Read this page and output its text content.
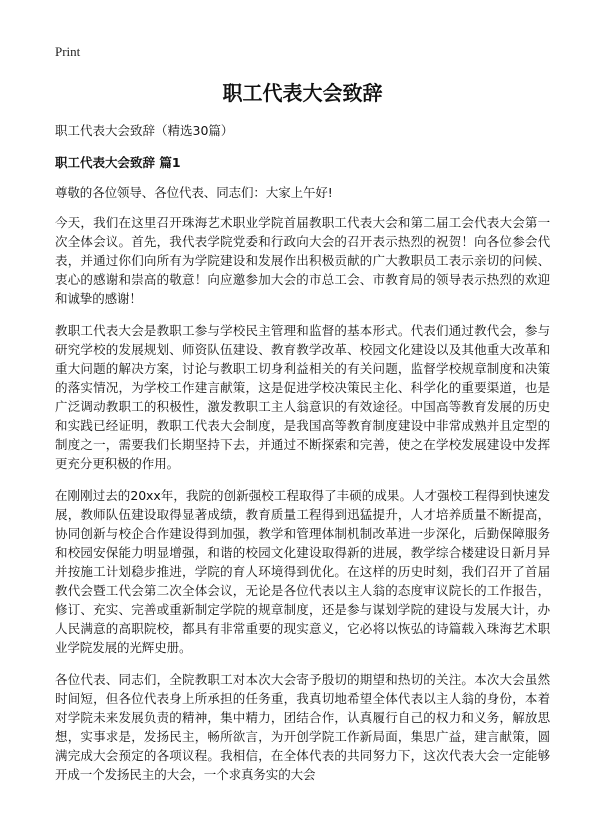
Print
职工代表大会致辞
职工代表大会致辞（精选30篇）
职工代表大会致辞 篇1

尊敬的各位领导、各位代表、同志们：大家上午好!

今天，我们在这里召开珠海艺术职业学院首届教职工代表大会和第二届工会代表大会第一次全体会议。首先，我代表学院党委和行政向大会的召开表示热烈的祝贺！向各位参会代表，并通过你们向所有为学院建设和发展作出积极贡献的广大教职员工表示亲切的问候、衷心的感谢和崇高的敬意！向应邀参加大会的市总工会、市教育局的领导表示热烈的欢迎和诚挚的感谢！

教职工代表大会是教职工参与学校民主管理和监督的基本形式。代表们通过教代会，参与研究学校的发展规划、师资队伍建设、教育教学改革、校园文化建设以及其他重大改革和重大问题的解决方案，讨论与教职工切身利益相关的有关问题，监督学校规章制度和决策的落实情况，为学校工作建言献策，这是促进学校决策民主化、科学化的重要渠道，也是广泛调动教职工的积极性，激发教职工主人翁意识的有效途径。中国高等教育发展的历史和实践已经证明，教职工代表大会制度，是我国高等教育制度建设中非常成熟并且定型的制度之一，需要我们长期坚持下去，并通过不断探索和完善，使之在学校发展建设中发挥更充分更积极的作用。

在刚刚过去的20xx年，我院的创新强校工程取得了丰硕的成果。人才强校工程得到快速发展，教师队伍建设取得显著成绩，教育质量工程得到迅猛提升，人才培养质量不断提高，协同创新与校企合作建设得到加强，教学和管理体制机制改革进一步深化，后勤保障服务和校园安保能力明显增强，和谐的校园文化建设取得新的进展，教学综合楼建设日新月异并按施工计划稳步推进，学院的育人环境得到优化。在这样的历史时刻，我们召开了首届教代会暨工代会第二次全体会议，无论是各位代表以主人翁的态度审议院长的工作报告，修订、充实、完善或重新制定学院的规章制度，还是参与谋划学院的建设与发展大计，办人民满意的高职院校，都具有非常重要的现实意义，它必将以恢弘的诗篇载入珠海艺术职业学院发展的光辉史册。

各位代表、同志们，全院教职工对本次大会寄予殷切的期望和热切的关注。本次大会虽然时间短，但各位代表身上所承担的任务重，我真切地希望全体代表以主人翁的身份，本着对学院未来发展负责的精神，集中精力，团结合作，认真履行自己的权力和义务，解放思想，实事求是，发扬民主，畅所欲言，为开创学院工作新局面，集思广益，建言献策，圆满完成大会预定的各项议程。我相信，在全体代表的共同努力下，这次代表大会一定能够开成一个发扬民主的大会，一个求真务实的大会
